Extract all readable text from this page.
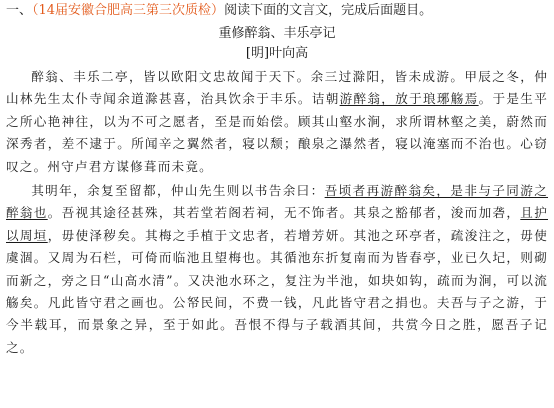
一、（14届安徽合肥高三第三次质检）阅读下面的文言文，完成后面题目。
重修醉翁、丰乐亭记
[明]叶向高

醉翁、丰乐二亭，皆以欧阳文忠故闻于天下。余三过滁阳，皆未成游。甲辰之冬，仲山林先生太仆寺闻余道滁甚喜，治具饮余于丰乐。诘朝游醉翁，放于琅琊觞焉。于是生平之所心艳神往，以为不可之愿者，至是而始偿。顾其山壑水涧，求所谓林壑之美，蔚然而深秀者，差不逮于。所闻辛之翼然者，寝以颓；酿泉之瀑然者，寝以淹塞而不治也。心窃叹之。州守卢君方谋修葺而未竟。

其明年，余复至留都，仲山先生则以书告余曰：吾顷者再游醉翁矣，是非与子同游之醉翁也。吾视其途径甚殊，其若堂若阁若祠，无不饰者。其泉之豁郁者，浚而加砻，且护以周垣，毋使泽秽矣。其梅之手植于文忠者，若增芳妍。其池之环亭者，疏浚注之，毋使虞涸。又周为石栏，可倚而临池且望梅也。其循池东折复南而为皆春亭，业已久圮，则砌而新之，旁之日“山高水清”。又决池水环之，复注为半池，如块如钩，疏而为涧，可以流觞矣。凡此皆守君之画也。公帑民间，不费一钱，凡此皆守君之捐也。夫吾与子之游，于今半载耳，而景象之异，至于如此。吾恨不得与子载酒其间，共赏今日之胜，愿吾子记之。
